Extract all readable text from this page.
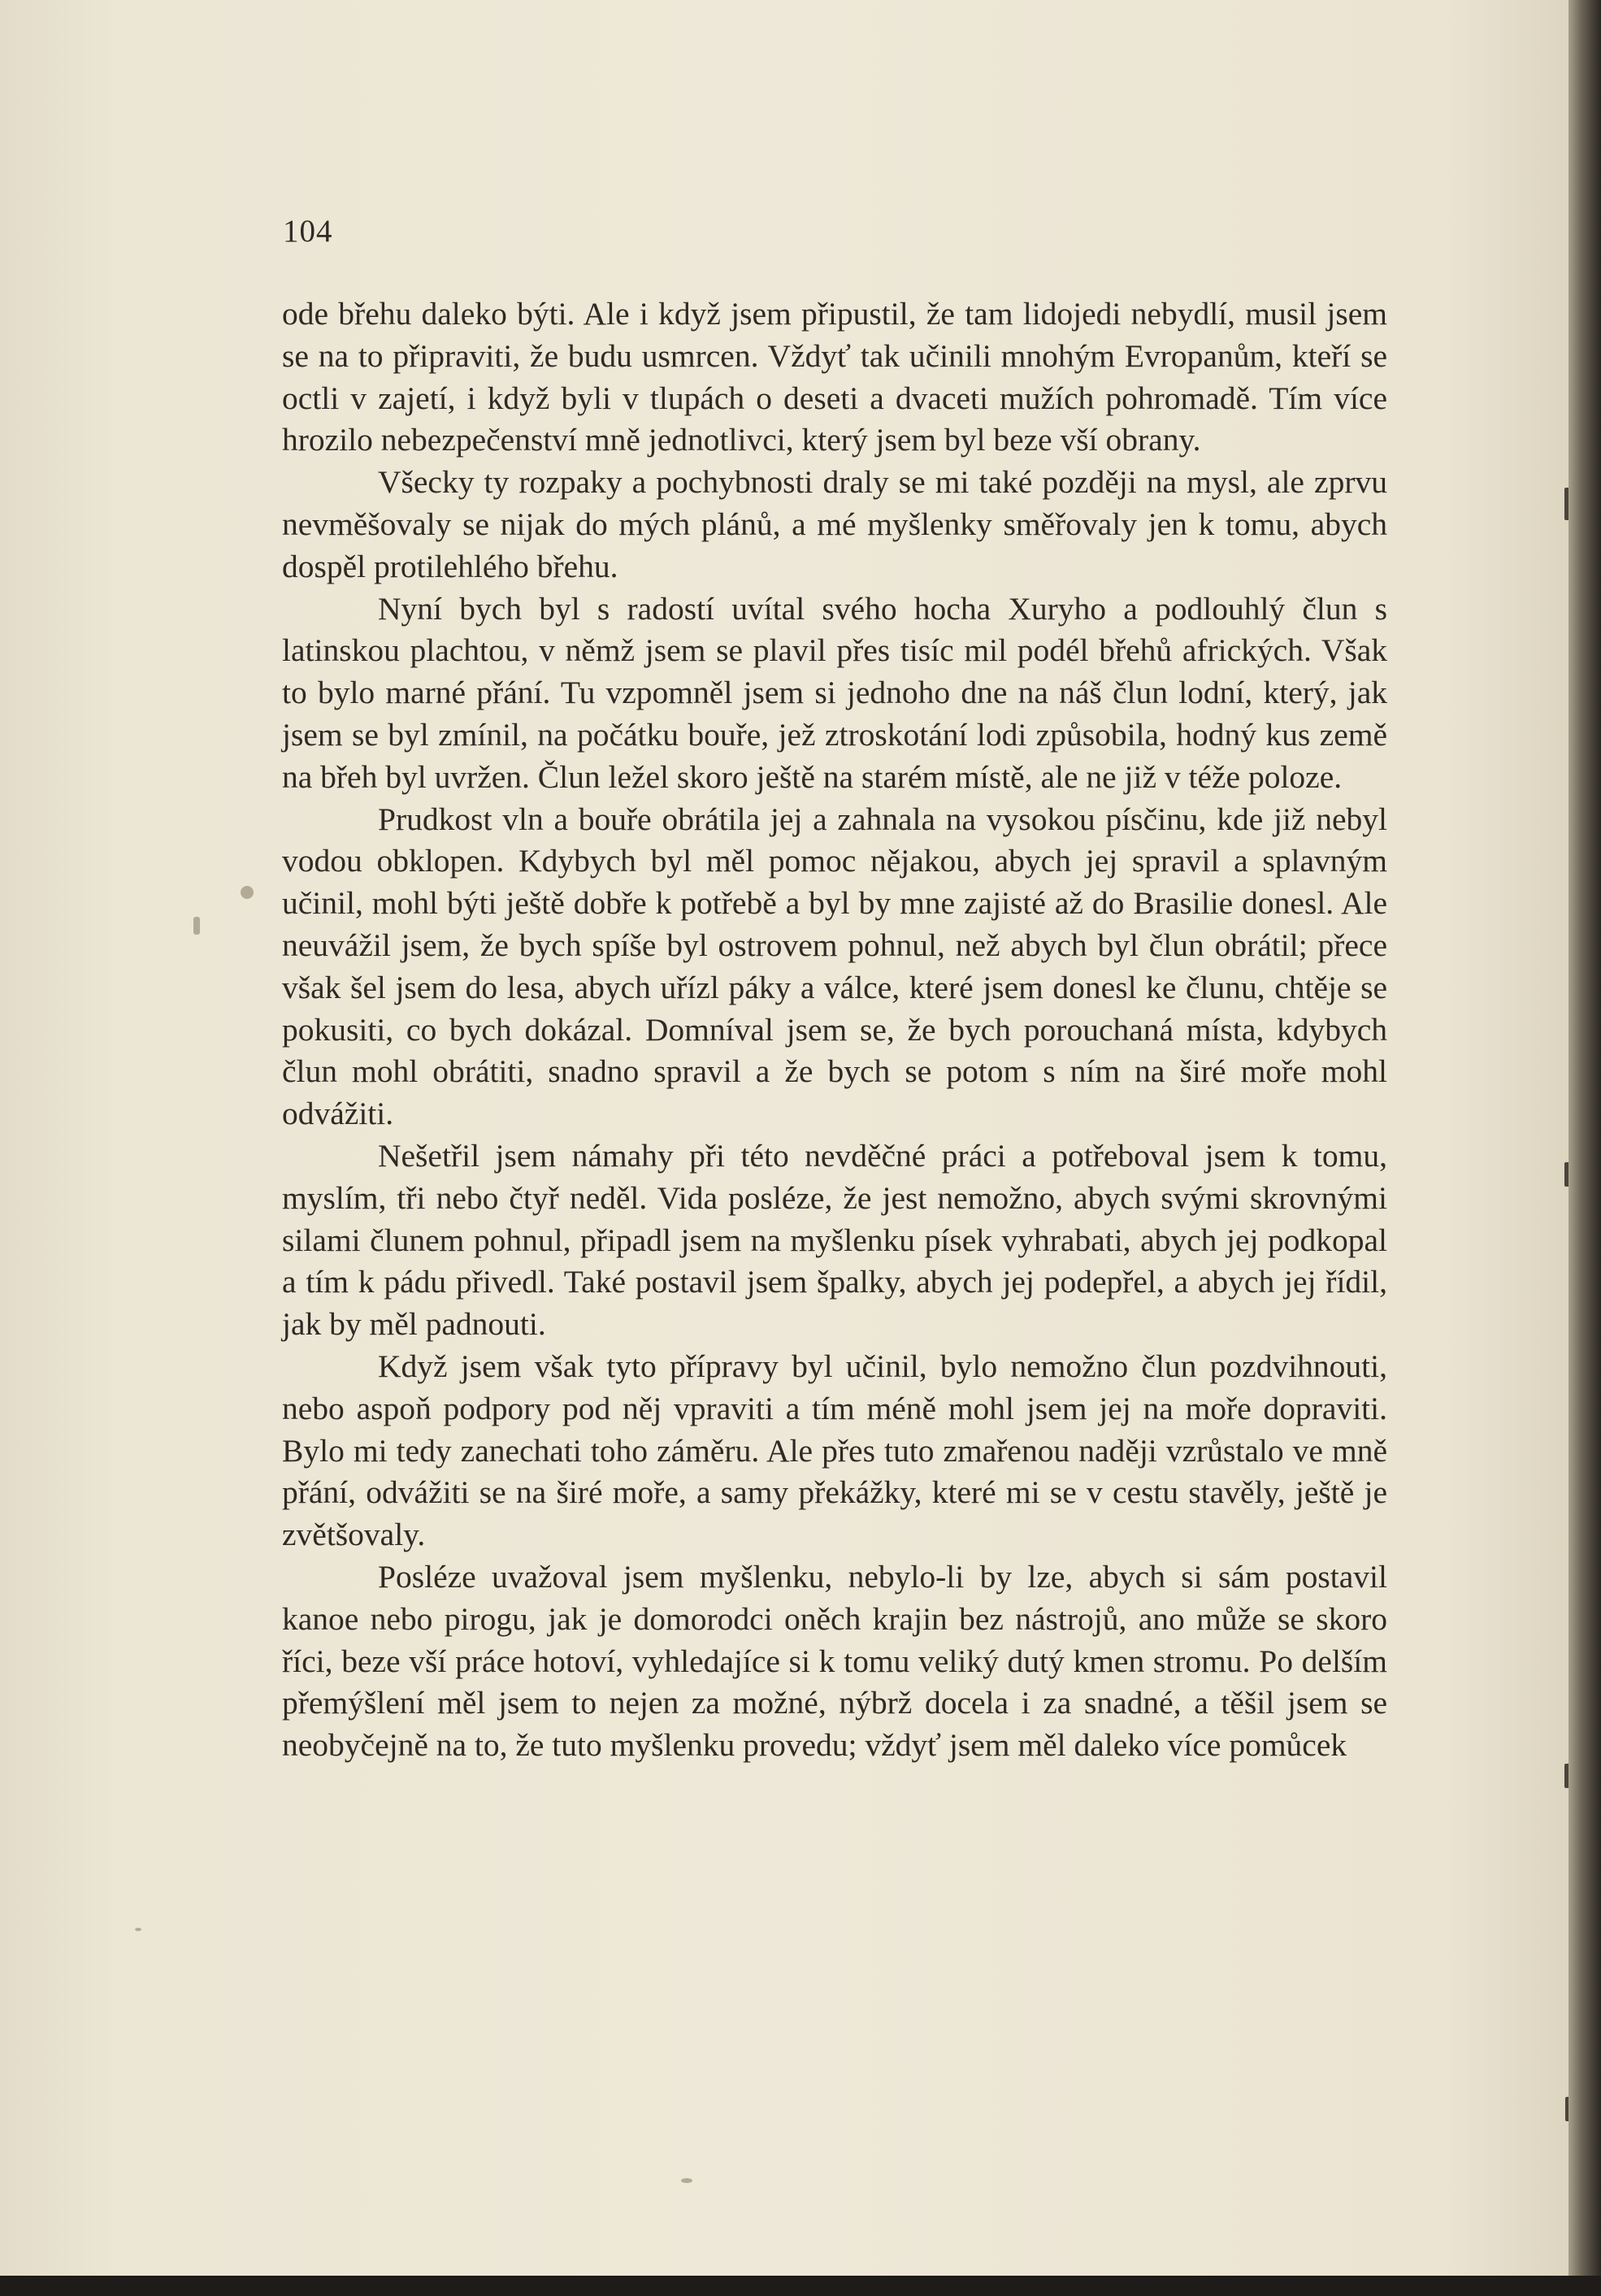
104

ode břehu daleko býti. Ale i když jsem připustil, že tam lidojedi nebydlí, musil jsem se na to připraviti, že budu usmrcen. Vždyť tak učinili mnohým Evropanům, kteří se octli v zajetí, i když byli v tlupách o deseti a dvaceti mužích pohromadě. Tím více hrozilo nebezpečenství mně jednotlivci, který jsem byl beze vší obrany.

Všecky ty rozpaky a pochybnosti draly se mi také později na mysl, ale zprvu nevměšovaly se nijak do mých plánů, a mé myšlenky směřovaly jen k tomu, abych dospěl protilehlého břehu.

Nyní bych byl s radostí uvítal svého hocha Xuryho a podlouhlý člun s latinskou plachtou, v němž jsem se plavil přes tisíc mil podél břehů afrických. Však to bylo marné přání. Tu vzpomněl jsem si jednoho dne na náš člun lodní, který, jak jsem se byl zmínil, na počátku bouře, jež ztroskotání lodi způsobila, hodný kus země na břeh byl uvržen. Člun ležel skoro ještě na starém místě, ale ne již v téže poloze.

Prudkost vln a bouře obrátila jej a zahnala na vysokou písčinu, kde již nebyl vodou obklopen. Kdybych byl měl pomoc nějakou, abych jej spravil a splavným učinil, mohl býti ještě dobře k potřebě a byl by mne zajisté až do Brasilie donesl. Ale neuvážil jsem, že bych spíše byl ostrovem pohnul, než abych byl člun obrátil; přece však šel jsem do lesa, abych uřízl páky a válce, které jsem donesl ke člunu, chtěje se pokusiti, co bych dokázal. Domníval jsem se, že bych porouchaná místa, kdybych člun mohl obrátiti, snadno spravil a že bych se potom s ním na širé moře mohl odvážiti.

Nešetřil jsem námahy při této nevděčné práci a potřeboval jsem k tomu, myslím, tři nebo čtyř neděl. Vida posléze, že jest nemožno, abych svými skrovnými silami člunem pohnul, připadl jsem na myšlenku písek vyhrabati, abych jej podkopal a tím k pádu přivedl. Také postavil jsem špalky, abych jej podepřel, a abych jej řídil, jak by měl padnouti.

Když jsem však tyto přípravy byl učinil, bylo nemožno člun pozdvihnouti, nebo aspoň podpory pod něj vpraviti a tím méně mohl jsem jej na moře dopraviti. Bylo mi tedy zanechati toho záměru. Ale přes tuto zmařenou naději vzrůstalo ve mně přání, odvážiti se na širé moře, a samy překážky, které mi se v cestu stavěly, ještě je zvětšovaly.

Posléze uvažoval jsem myšlenku, nebylo-li by lze, abych si sám postavil kanoe nebo pirogu, jak je domorodci oněch krajin bez nástrojů, ano může se skoro říci, beze vší práce hotoví, vyhledajíce si k tomu veliký dutý kmen stromu. Po delším přemýšlení měl jsem to nejen za možné, nýbrž docela i za snadné, a těšil jsem se neobyčejně na to, že tuto myšlenku provedu; vždyť jsem měl daleko více pomůcek
